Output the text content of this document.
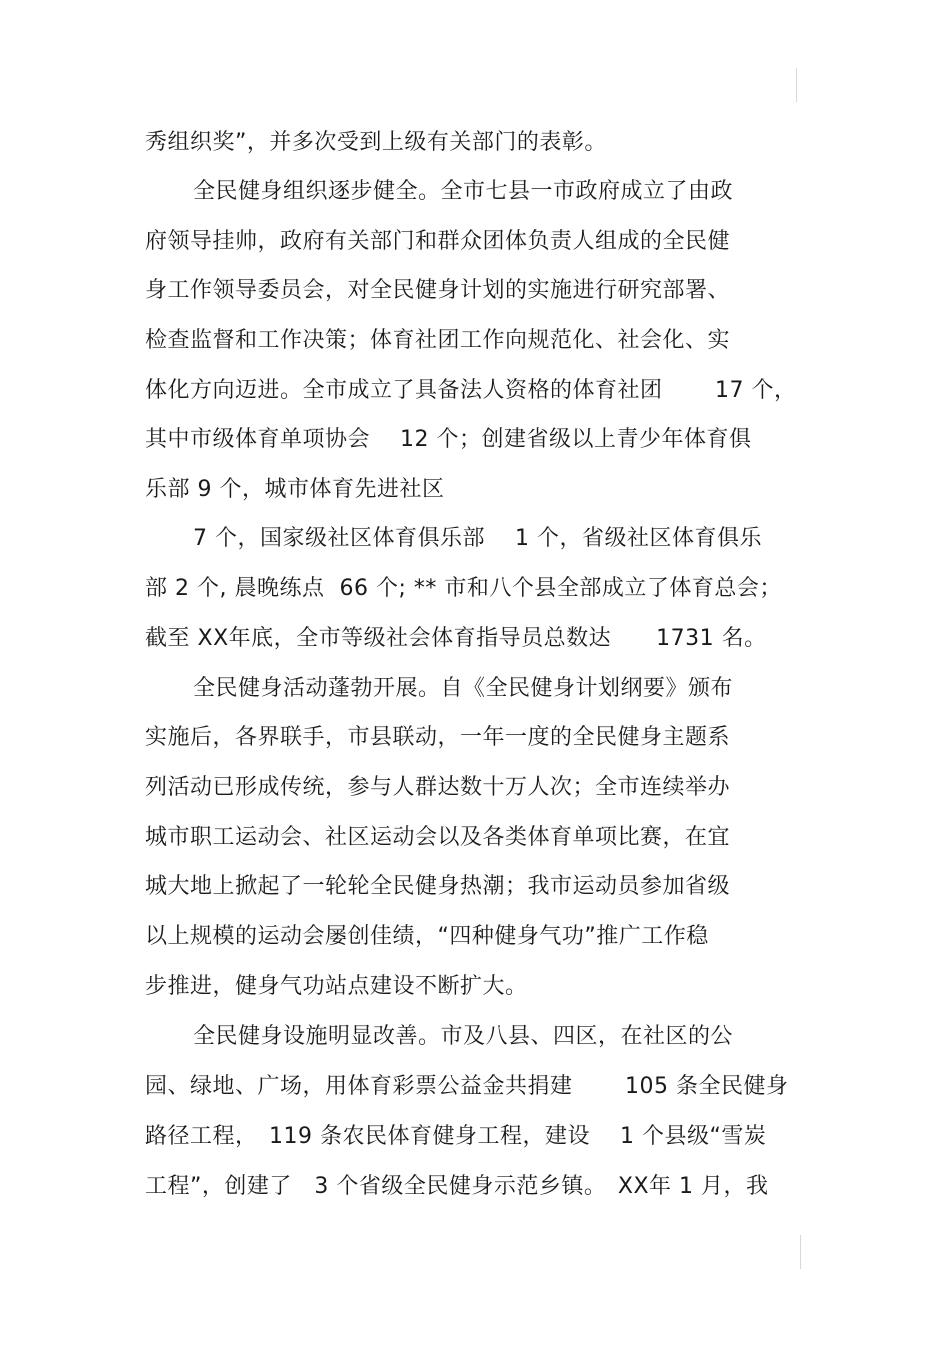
秀组织奖”，并多次受到上级有关部门的表彰。
全民健身组织逐步健全。全市七县一市政府成立了由政
府领导挂帅，政府有关部门和群众团体负责人组成的全民健
身工作领导委员会，对全民健身计划的实施进行研究部署、
检查监督和工作决策；体育社团工作向规范化、社会化、实
体化方向迈进。全市成立了具备法人资格的体育社团　　 17 个，
其中市级体育单项协会　 12 个；创建省级以上青少年体育俱
乐部 9 个，城市体育先进社区
7 个，国家级社区体育俱乐部　 1 个，省级社区体育俱乐
部 2 个, 晨晚练点  66 个; ** 市和八个县全部成立了体育总会；
截至 XX年底，全市等级社会体育指导员总数达　　1731 名。
全民健身活动蓬勃开展。自《全民健身计划纲要》颁布
实施后，各界联手，市县联动，一年一度的全民健身主题系
列活动已形成传统，参与人群达数十万人次；全市连续举办
城市职工运动会、社区运动会以及各类体育单项比赛，在宜
城大地上掀起了一轮轮全民健身热潮；我市运动员参加省级
以上规模的运动会屡创佳绩，“四种健身气功”推广工作稳
步推进，健身气功站点建设不断扩大。
全民健身设施明显改善。市及八县、四区，在社区的公
园、绿地、广场，用体育彩票公益金共捐建　　 105 条全民健身
路径工程，　119 条农民体育健身工程，建设　 1 个县级“雪炭
工程”，创建了　3 个省级全民健身示范乡镇。　XX年 1 月，我
